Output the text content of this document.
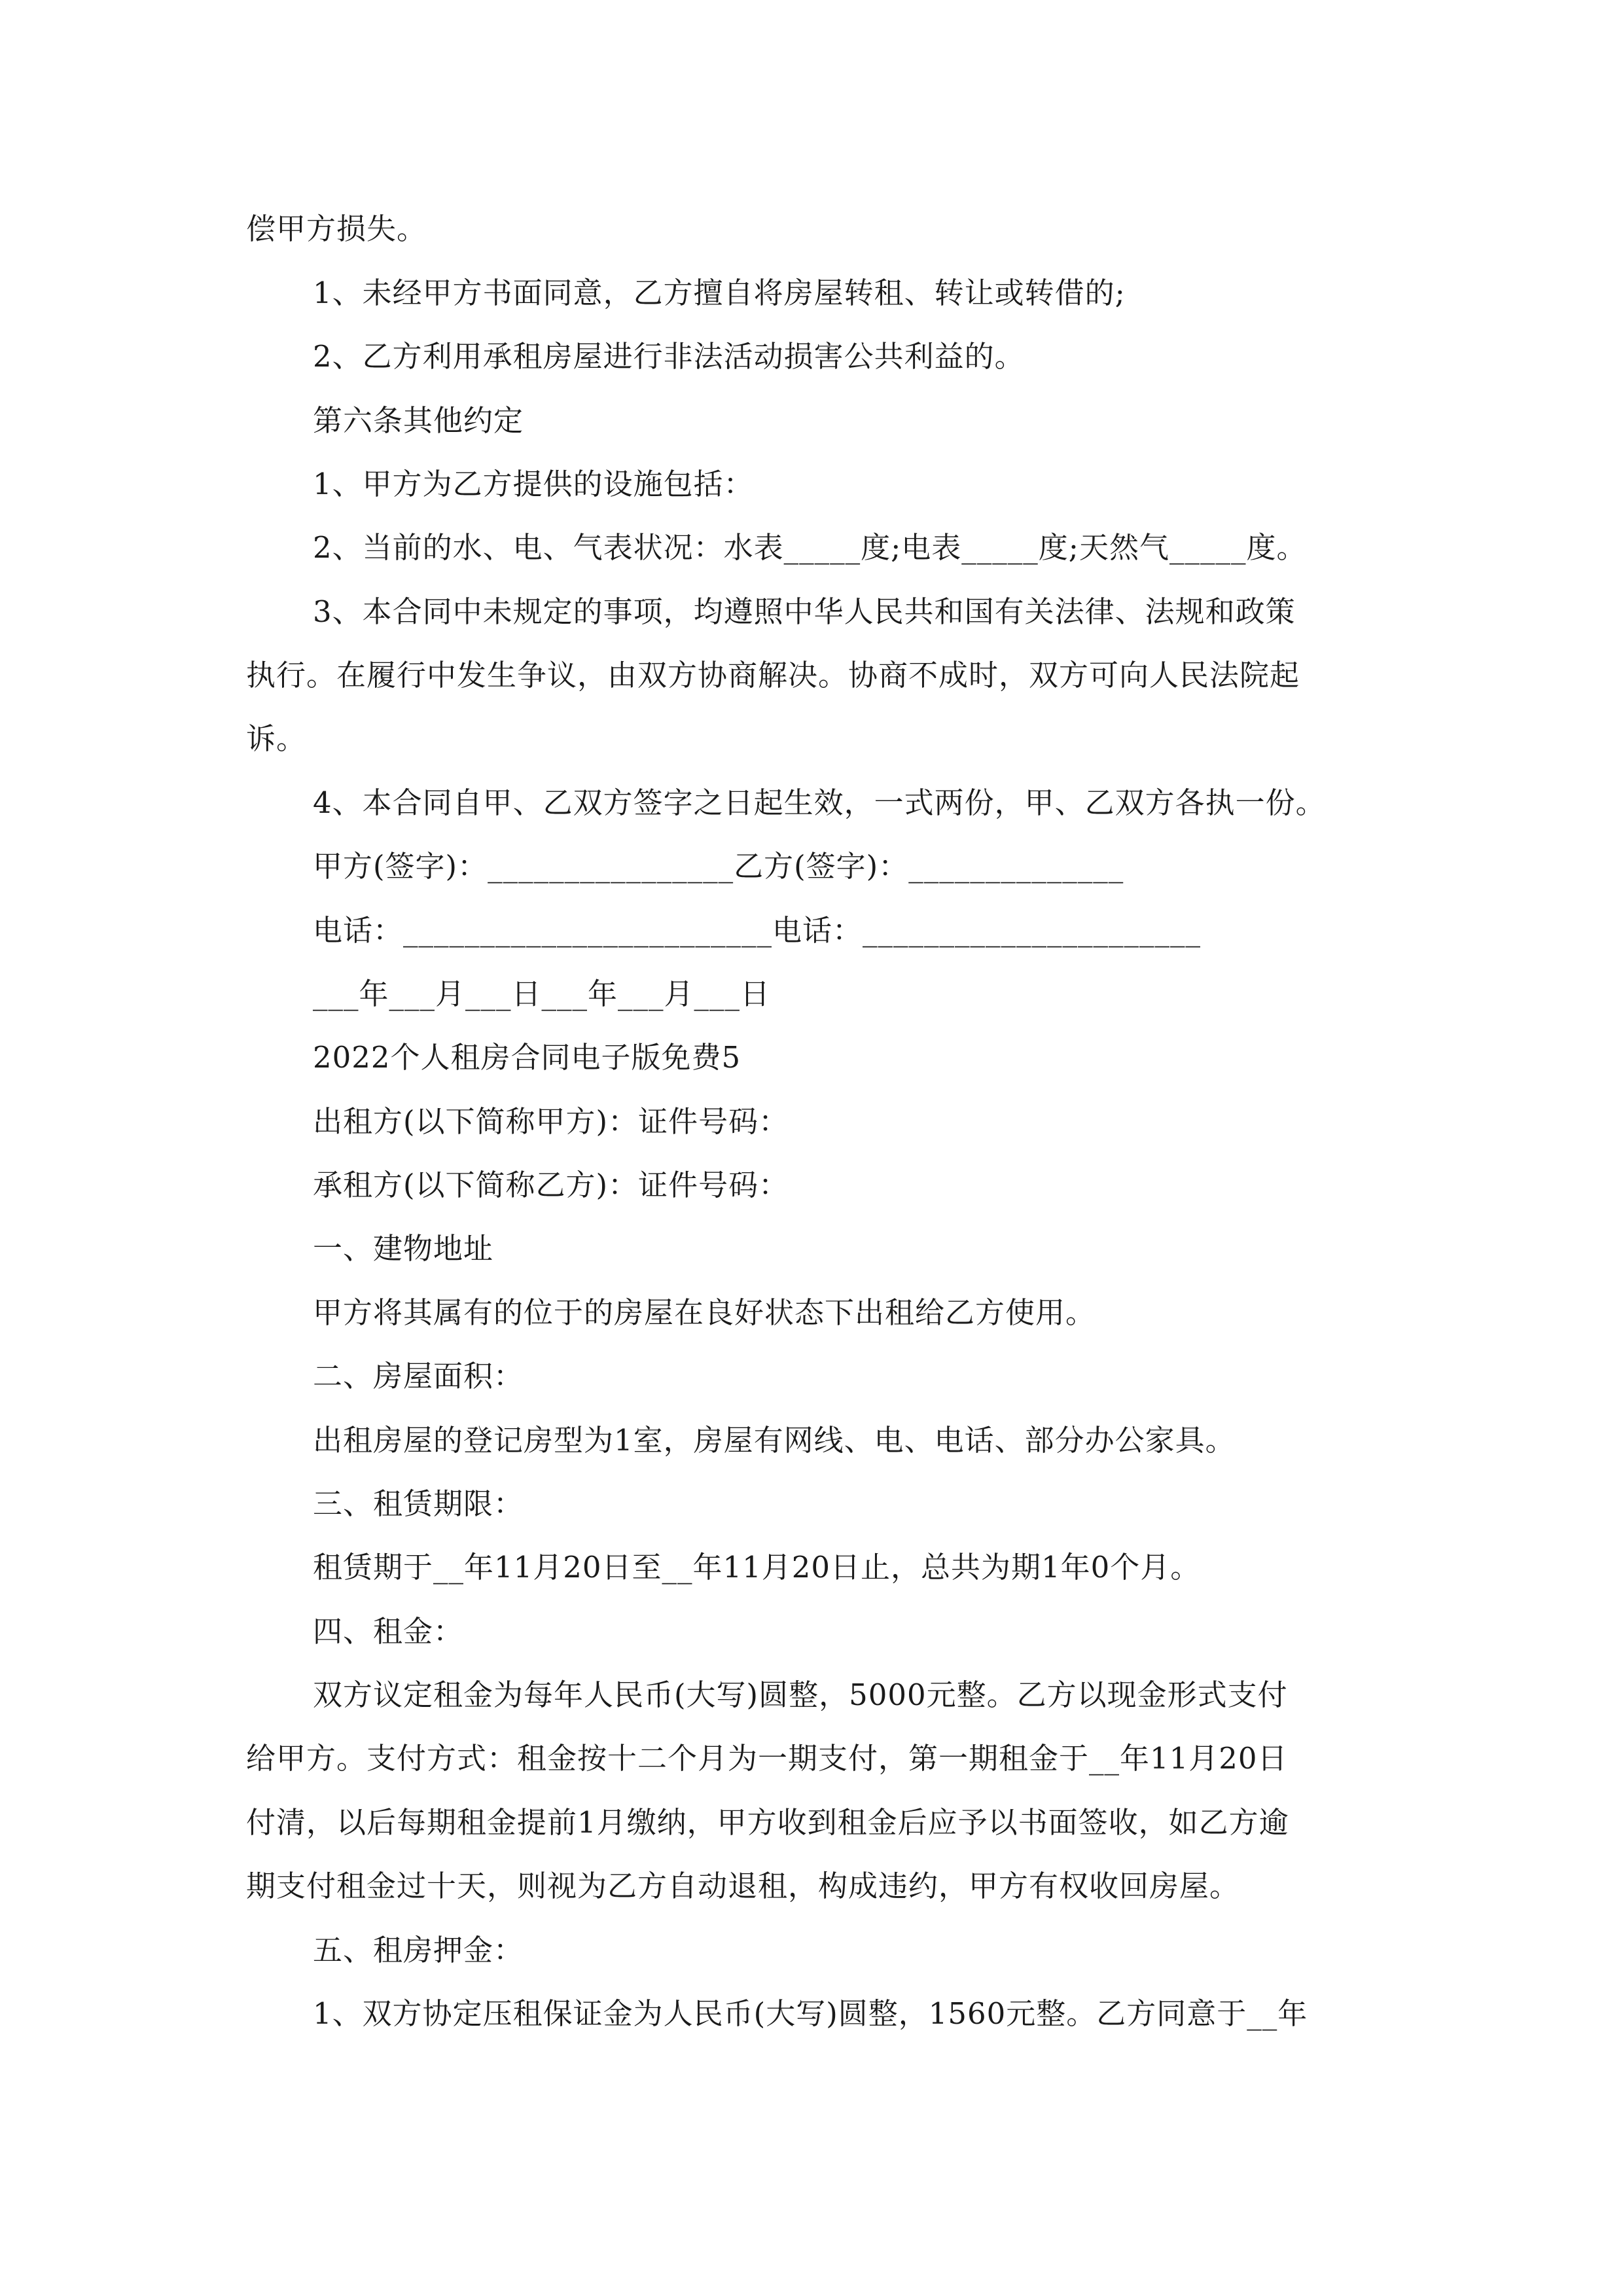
偿甲方损失。
1、未经甲方书面同意，乙方擅自将房屋转租、转让或转借的;
2、乙方利用承租房屋进行非法活动损害公共利益的。
第六条其他约定
1、甲方为乙方提供的设施包括：
2、当前的水、电、气表状况：水表_____度;电表_____度;天然气_____度。
3、本合同中未规定的事项，均遵照中华人民共和国有关法律、法规和政策
执行。在履行中发生争议，由双方协商解决。协商不成时，双方可向人民法院起
诉。
4、本合同自甲、乙双方签字之日起生效，一式两份，甲、乙双方各执一份。
甲方(签字)：________________乙方(签字)：______________
电话：________________________电话：______________________
___年___月___日___年___月___日
2022个人租房合同电子版免费5
出租方(以下简称甲方)：证件号码：
承租方(以下简称乙方)：证件号码：
一、建物地址
甲方将其属有的位于的房屋在良好状态下出租给乙方使用。
二、房屋面积：
出租房屋的登记房型为1室，房屋有网线、电、电话、部分办公家具。
三、租赁期限：
租赁期于__年11月20日至__年11月20日止，总共为期1年0个月。
四、租金：
双方议定租金为每年人民币(大写)圆整，5000元整。乙方以现金形式支付
给甲方。支付方式：租金按十二个月为一期支付，第一期租金于__年11月20日
付清，以后每期租金提前1月缴纳，甲方收到租金后应予以书面签收，如乙方逾
期支付租金过十天，则视为乙方自动退租，构成违约，甲方有权收回房屋。
五、租房押金：
1、双方协定压租保证金为人民币(大写)圆整，1560元整。乙方同意于__年
